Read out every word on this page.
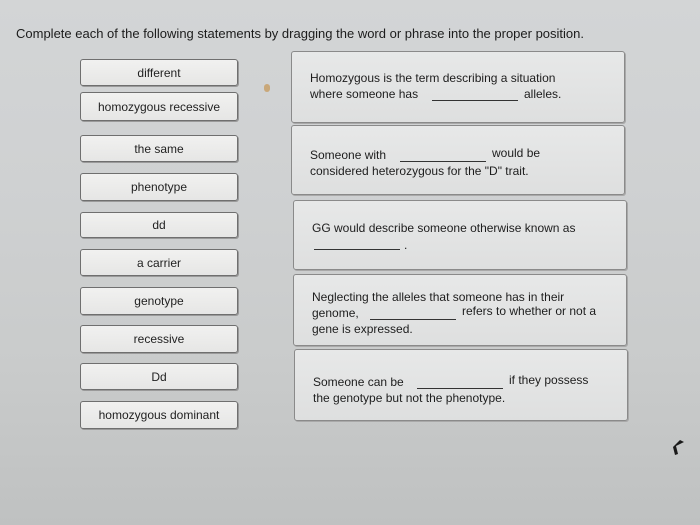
Complete each of the following statements by dragging the word or phrase into the proper position.
different
homozygous recessive
the same
phenotype
dd
a carrier
genotype
recessive
Dd
homozygous dominant
Homozygous is the term describing a situation
where someone has	alleles.
Someone with	would be
considered heterozygous for the "D" trait.
GG would describe someone otherwise known as
.
Neglecting the alleles that someone has in their
genome,	refers to whether or not a
gene is expressed.
Someone can be	if they possess
the genotype but not the phenotype.
